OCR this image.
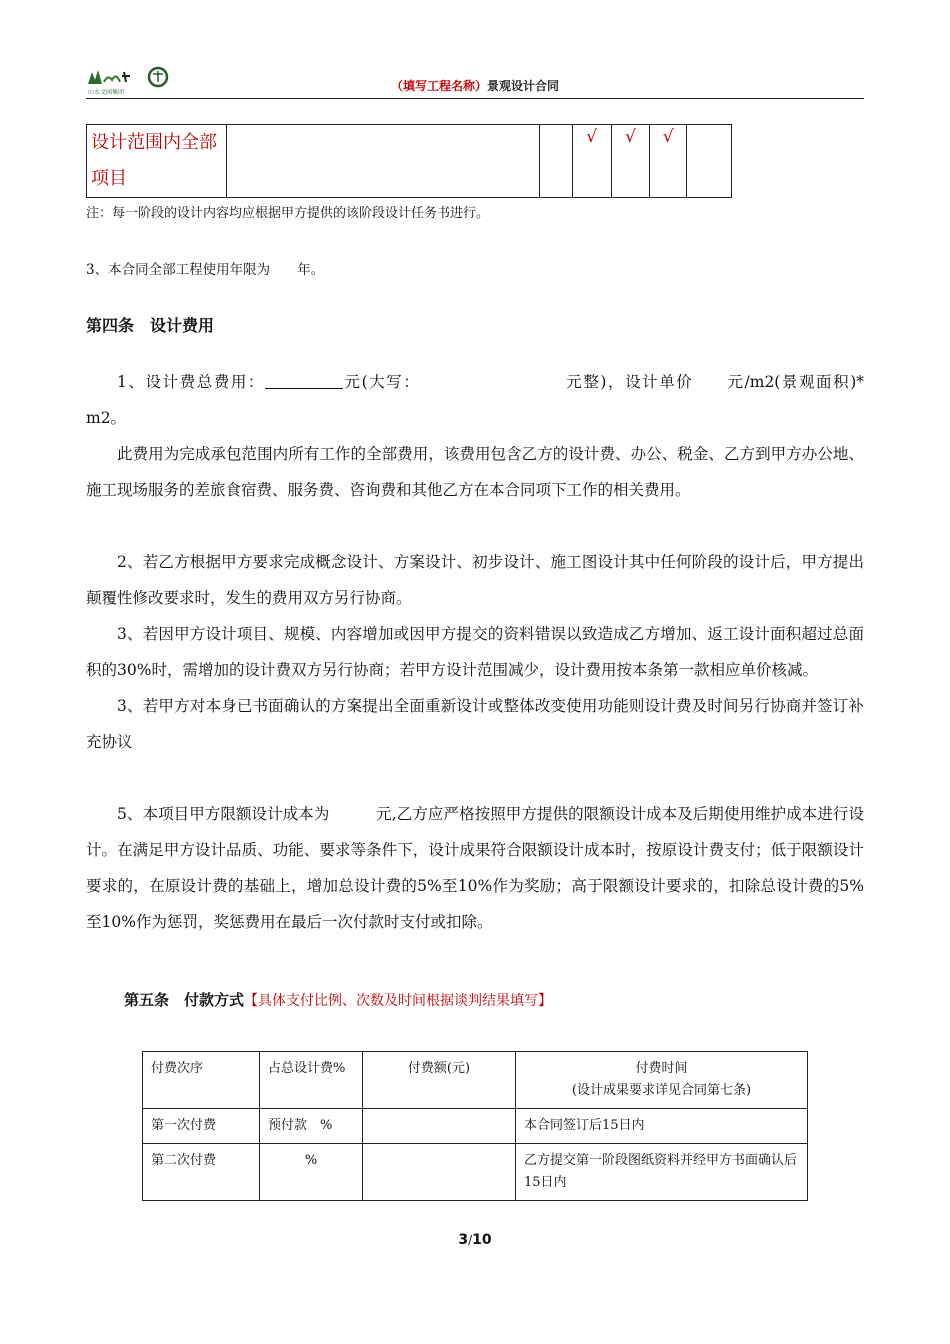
山水文园集团	（填写工程名称）景观设计合同
设计范围内全部项目			√	√	√	
注：每一阶段的设计内容均应根据甲方提供的该阶段设计任务书进行。
3、本合同全部工程使用年限为　　年。
第四条　设计费用
1、设计费总费用：	元(大写：　　　　　　　　　元整)，设计单价　　元/m2(景观面积)*　　 m2。
此费用为完成承包范围内所有工作的全部费用，该费用包含乙方的设计费、办公、税金、乙方到甲方办公地、施工现场服务的差旅食宿费、服务费、咨询费和其他乙方在本合同项下工作的相关费用。
2、若乙方根据甲方要求完成概念设计、方案设计、初步设计、施工图设计其中任何阶段的设计后，甲方提出颠覆性修改要求时，发生的费用双方另行协商。
3、若因甲方设计项目、规模、内容增加或因甲方提交的资料错误以致造成乙方增加、返工设计面积超过总面积的30%时，需增加的设计费双方另行协商；若甲方设计范围减少，设计费用按本条第一款相应单价核减。
3、若甲方对本身已书面确认的方案提出全面重新设计或整体改变使用功能则设计费及时间另行协商并签订补充协议
5、本项目甲方限额设计成本为　　　元,乙方应严格按照甲方提供的限额设计成本及后期使用维护成本进行设计。在满足甲方设计品质、功能、要求等条件下，设计成果符合限额设计成本时，按原设计费支付；低于限额设计要求的，在原设计费的基础上，增加总设计费的5%至10%作为奖励；高于限额设计要求的，扣除总设计费的5%至10%作为惩罚，奖惩费用在最后一次付款时支付或扣除。
第五条　付款方式【具体支付比例、次数及时间根据谈判结果填写】
付费次序	占总设计费%	付费额(元)	付费时间
(设计成果要求详见合同第七条)

第一次付费	预付款　%		本合同签订后15日内
第二次付费	%		乙方提交第一阶段图纸资料并经甲方书面确认后15日内
3/10
